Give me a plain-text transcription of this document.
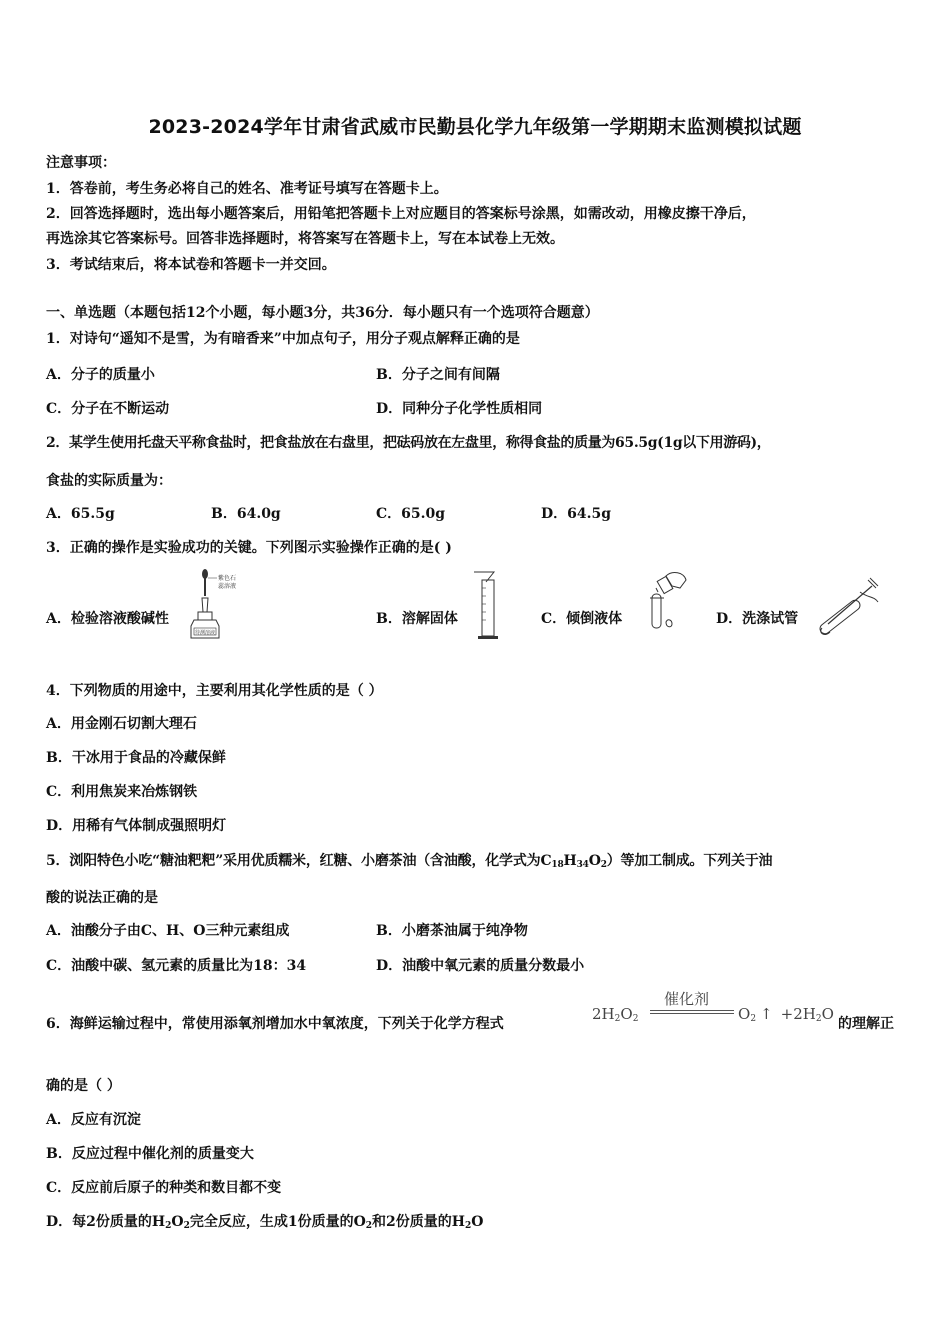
2023-2024学年甘肃省武威市民勤县化学九年级第一学期期末监测模拟试题
注意事项：
1．答卷前，考生务必将自己的姓名、准考证号填写在答题卡上。
2．回答选择题时，选出每小题答案后，用铅笔把答题卡上对应题目的答案标号涂黑，如需改动，用橡皮擦干净后，
再选涂其它答案标号。回答非选择题时，将答案写在答题卡上，写在本试卷上无效。
3．考试结束后，将本试卷和答题卡一并交回。
一、单选题（本题包括12个小题，每小题3分，共36分．每小题只有一个选项符合题意）
1．对诗句“遥知不是雪，为有暗香来”中加点句子，用分子观点解释正确的是
A．分子的质量小	B．分子之间有间隔
C．分子在不断运动	D．同种分子化学性质相同
2．某学生使用托盘天平称食盐时，把食盐放在右盘里，把砝码放在左盘里，称得食盐的质量为65.5g(1g以下用游码)，
食盐的实际质量为：
A．65.5g	B．64.0g	C．65.0g	D．64.5g
3．正确的操作是实验成功的关键。下列图示实验操作正确的是( )
A．检验溶液酸碱性
待测溶液
紫色石
蕊溶液
B．溶解固体	C．倾倒液体	D．洗涤试管
4．下列物质的用途中，主要利用其化学性质的是（ ）
A．用金刚石切割大理石
B．干冰用于食品的冷藏保鲜
C．利用焦炭来冶炼钢铁
D．用稀有气体制成强照明灯
5．浏阳特色小吃“糖油粑粑”采用优质糯米，红糖、小磨茶油（含油酸，化学式为$C_{18}H_{34}O_2$）等加工制成。下列关于油
酸的说法正确的是
A．油酸分子由C、H、O三种元素组成	B．小磨茶油属于纯净物
C．油酸中碳、氢元素的质量比为18：34	D．油酸中氧元素的质量分数最小
6．海鲜运输过程中，常使用添氧剂增加水中氧浓度，下列关于化学方程式
$2H_2O_2$
催化剂
$O_2$ ↑ $+2H_2O$
的理解正
确的是（ ）
A．反应有沉淀
B．反应过程中催化剂的质量变大
C．反应前后原子的种类和数目都不变
D．每2份质量的$H_2O_2$完全反应，生成1份质量的$O_2$和2份质量的$H_2O$
